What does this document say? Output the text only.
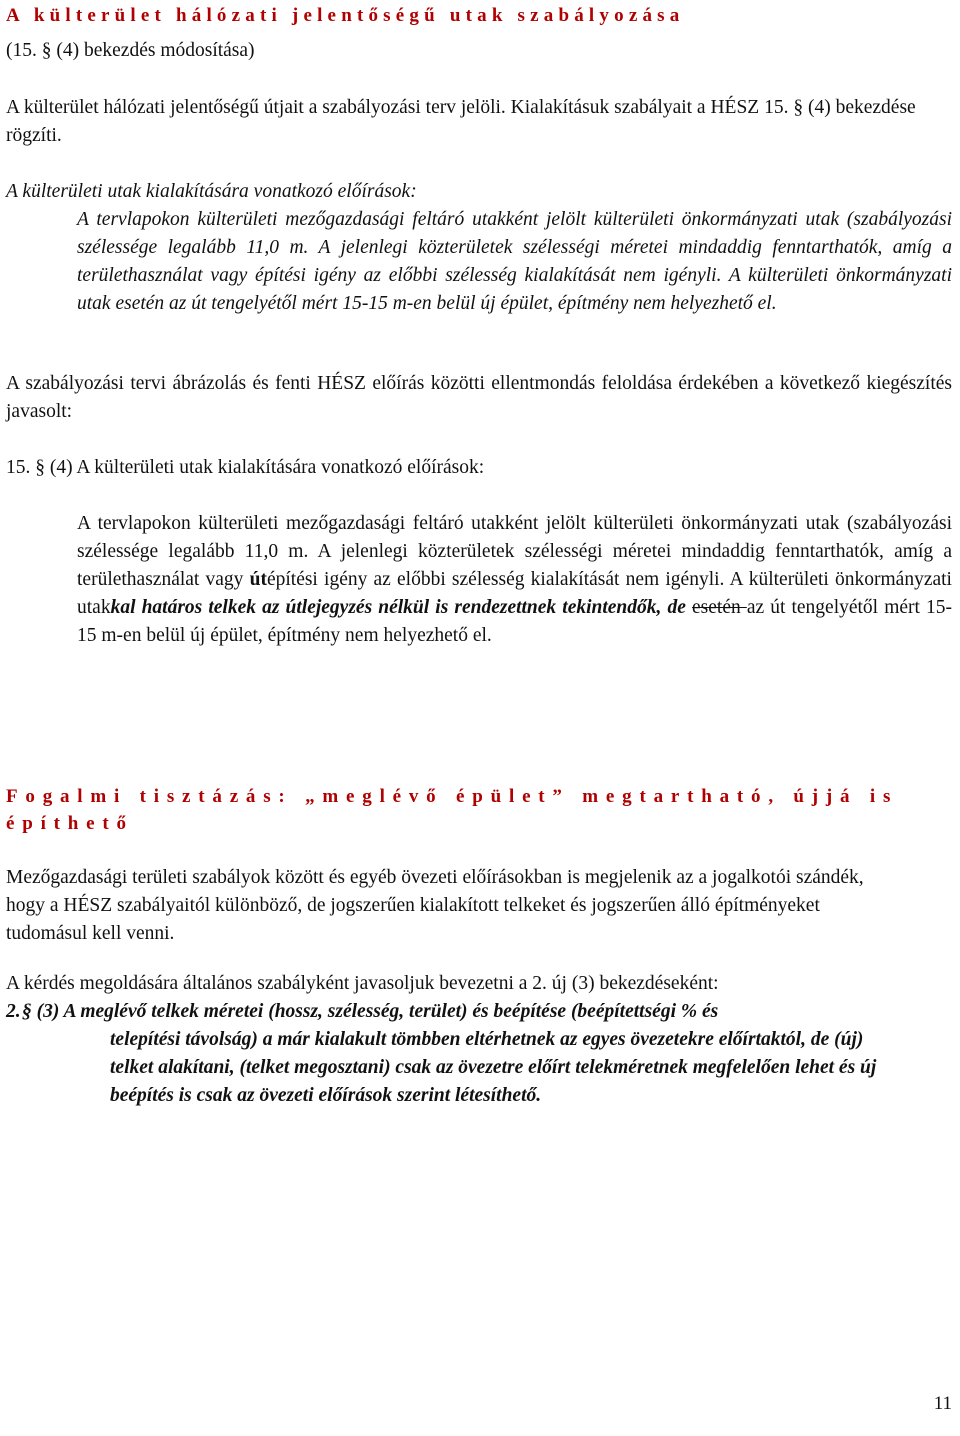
A külterület hálózati jelentőségű utak szabályozása
(15. § (4) bekezdés módosítása)
A külterület hálózati jelentőségű útjait a szabályozási terv jelöli. Kialakításuk szabályait a HÉSZ 15. § (4) bekezdése rögzíti.
A külterületi utak kialakítására vonatkozó előírások:
A tervlapokon külterületi mezőgazdasági feltáró utakként jelölt külterületi önkormányzati utak (szabályozási szélessége legalább 11,0 m. A jelenlegi közterületek szélességi méretei mindaddig fenntarthatók, amíg a területhasználat vagy építési igény az előbbi szélesség kialakítását nem igényli. A külterületi önkormányzati utak esetén az út tengelyétől mért 15-15 m-en belül új épület, építmény nem helyezhető el.
A szabályozási tervi ábrázolás és fenti HÉSZ előírás közötti ellentmondás feloldása érdekében a következő kiegészítés javasolt:
15. § (4) A külterületi utak kialakítására vonatkozó előírások:
A tervlapokon külterületi mezőgazdasági feltáró utakként jelölt külterületi önkormányzati utak (szabályozási szélessége legalább 11,0 m. A jelenlegi közterületek szélességi méretei mindaddig fenntarthatók, amíg a területhasználat vagy útépítési igény az előbbi szélesség kialakítását nem igényli. A külterületi önkormányzati utakkal határos telkek az útlejegyzés nélkül is rendezettnek tekintendők, de esetén az út tengelyétől mért 15-15 m-en belül új épület, építmény nem helyezhető el.
Fogalmi tisztázás: „meglévő épület” megtartható, újjá is
építhető
Mezőgazdasági területi szabályok között és egyéb övezeti előírásokban is megjelenik az a jogalkotói szándék, hogy a HÉSZ szabályaitól különböző, de jogszerűen kialakított telkeket és jogszerűen álló építményeket tudomásul kell venni.
A kérdés megoldására általános szabályként javasoljuk bevezetni a 2. új (3) bekezdéseként:
2. § (3) A meglévő telkek méretei (hossz, szélesség, terület) és beépítése (beépítettségi % és
telepítési távolság) a már kialakult tömbben eltérhetnek az egyes övezetekre előírtaktól, de (új) telket alakítani, (telket megosztani) csak az övezetre előírt telekméretnek megfelelően lehet és új beépítés is csak az övezeti előírások szerint létesíthető.
11
